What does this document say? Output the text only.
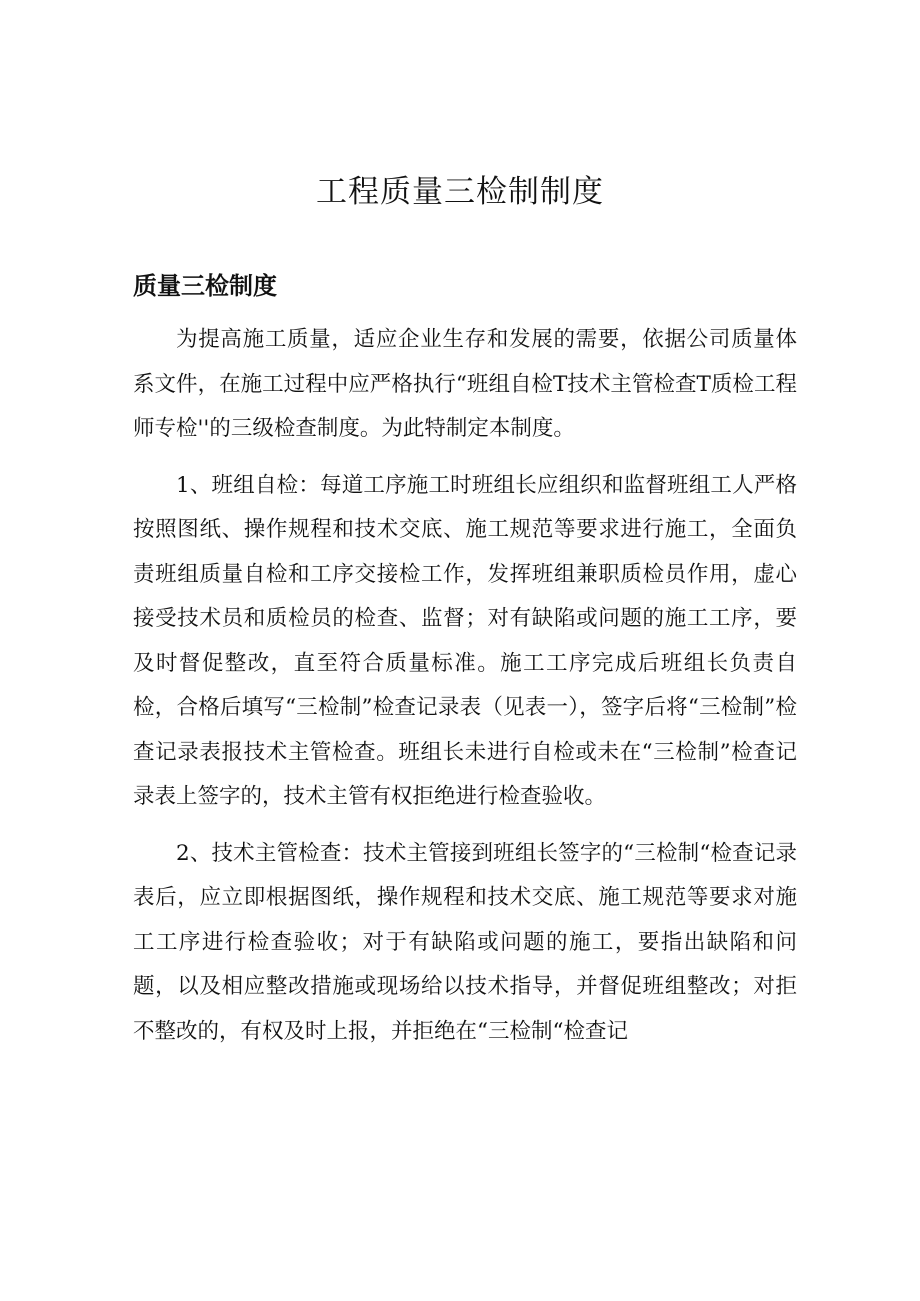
工程质量三检制制度
质量三检制度

为提高施工质量，适应企业生存和发展的需要，依据公司质量体系文件，在施工过程中应严格执行“班组自检T技术主管检查T质检工程师专检''的三级检查制度。为此特制定本制度。

1、班组自检：每道工序施工时班组长应组织和监督班组工人严格按照图纸、操作规程和技术交底、施工规范等要求进行施工，全面负责班组质量自检和工序交接检工作，发挥班组兼职质检员作用，虚心接受技术员和质检员的检查、监督；对有缺陷或问题的施工工序，要及时督促整改，直至符合质量标准。施工工序完成后班组长负责自检，合格后填写“三检制”检查记录表（见表一），签字后将“三检制”检查记录表报技术主管检查。班组长未进行自检或未在“三检制”检查记录表上签字的，技术主管有权拒绝进行检查验收。

2、技术主管检查：技术主管接到班组长签字的“三检制“检查记录表后，应立即根据图纸，操作规程和技术交底、施工规范等要求对施工工序进行检查验收；对于有缺陷或问题的施工，要指出缺陷和问题，以及相应整改措施或现场给以技术指导，并督促班组整改；对拒不整改的，有权及时上报，并拒绝在“三检制“检查记
